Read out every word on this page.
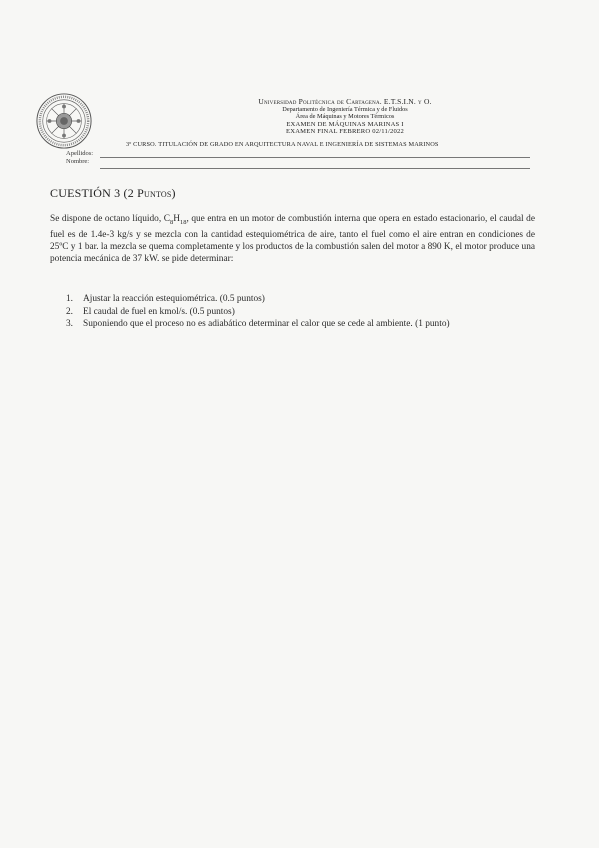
Apellidos:
Nombre:
Universidad Politécnica de Cartagena. E.T.S.I.N. y O.
Departamento de Ingeniería Térmica y de Fluidos
Área de Máquinas y Motores Térmicos
EXAMEN DE MÁQUINAS MARINAS I
EXAMEN FINAL FEBRERO 02/11/2022
3º CURSO. TITULACIÓN DE GRADO EN ARQUITECTURA NAVAL E INGENIERÍA DE SISTEMAS MARINOS
CUESTIÓN 3 (2 Puntos)
Se dispone de octano líquido, $C_8H_{18}$, que entra en un motor de combustión interna que opera en estado estacionario, el caudal de fuel es de 1.4e-3 kg/s y se mezcla con la cantidad estequiométrica de aire, tanto el fuel como el aire entran en condiciones de 25ºC y 1 bar. la mezcla se quema completamente y los productos de la combustión salen del motor a 890 K, el motor produce una potencia mecánica de 37 kW. se pide determinar:
1.	Ajustar la reacción estequiométrica. (0.5 puntos)
2.	El caudal de fuel en kmol/s. (0.5 puntos)
3.	Suponiendo que el proceso no es adiabático determinar el calor que se cede al ambiente. (1 punto)
